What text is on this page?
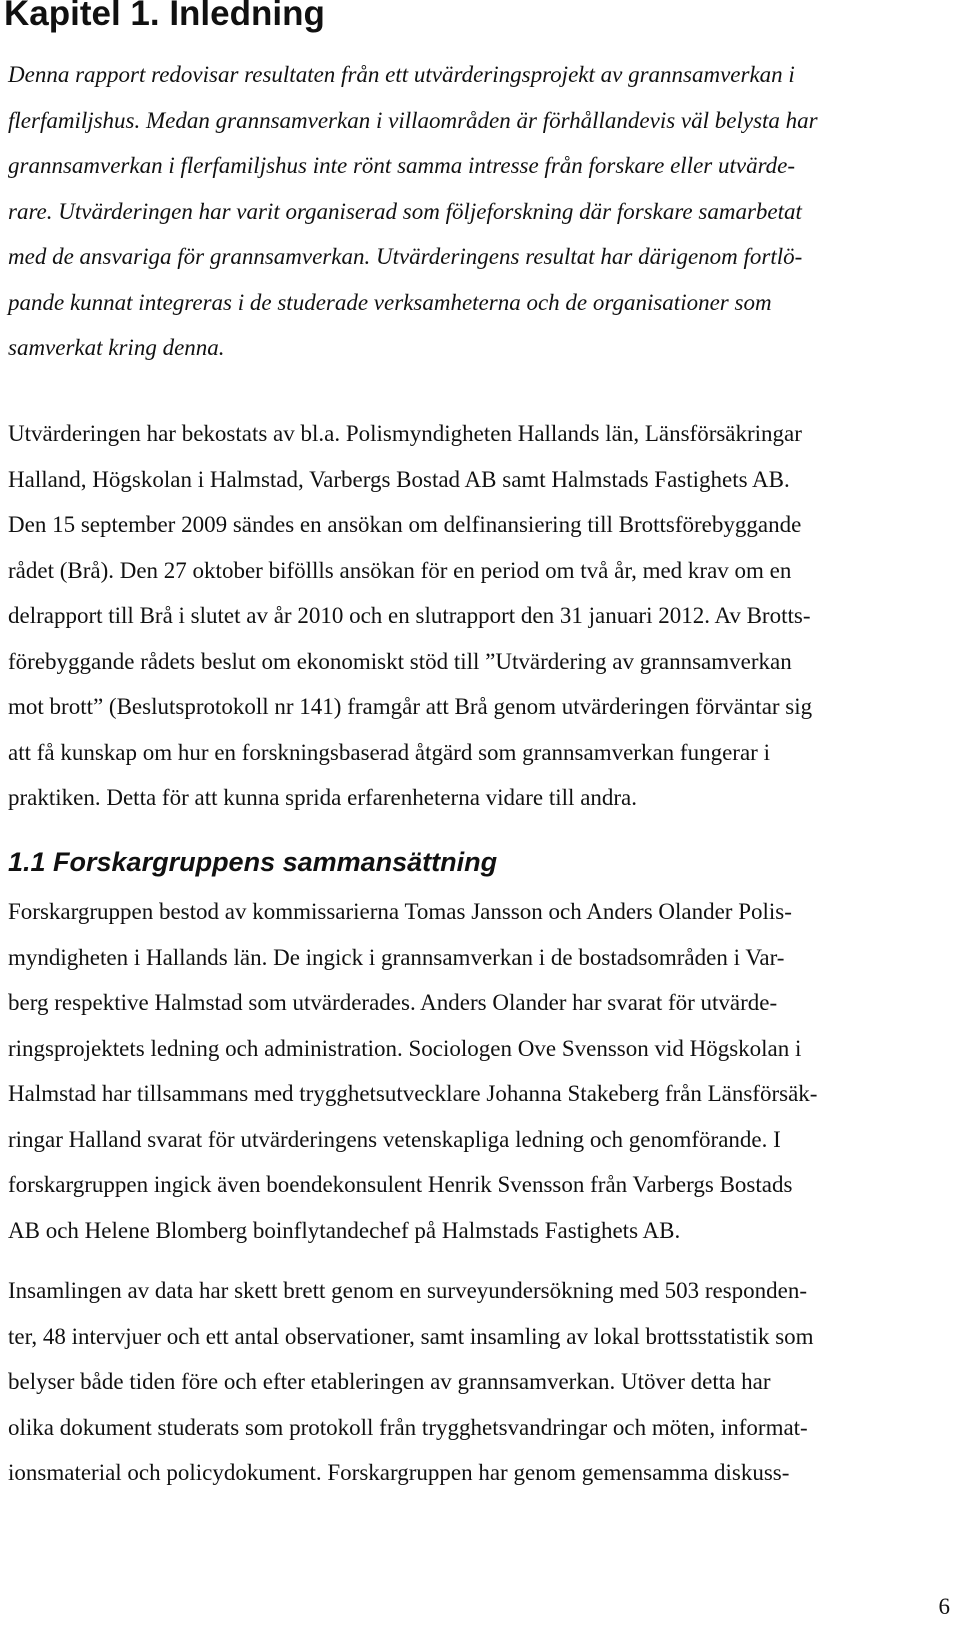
Kapitel 1. Inledning

Denna rapport redovisar resultaten från ett utvärderingsprojekt av grannsamverkan i
flerfamiljshus. Medan grannsamverkan i villaområden är förhållandevis väl belysta har
grannsamverkan i flerfamiljshus inte rönt samma intresse från forskare eller utvärde-
rare. Utvärderingen har varit organiserad som följeforskning där forskare samarbetat
med de ansvariga för grannsamverkan. Utvärderingens resultat har därigenom fortlö-
pande kunnat integreras i de studerade verksamheterna och de organisationer som
samverkat kring denna.

Utvärderingen har bekostats av bl.a. Polismyndigheten Hallands län, Länsförsäkringar
Halland, Högskolan i Halmstad, Varbergs Bostad AB samt Halmstads Fastighets AB.
Den 15 september 2009 sändes en ansökan om delfinansiering till Brottsförebyggande
rådet (Brå). Den 27 oktober biföllls ansökan för en period om två år, med krav om en
delrapport till Brå i slutet av år 2010 och en slutrapport den 31 januari 2012. Av Brotts-
förebyggande rådets beslut om ekonomiskt stöd till ”Utvärdering av grannsamverkan
mot brott” (Beslutsprotokoll nr 141) framgår att Brå genom utvärderingen förväntar sig
att få kunskap om hur en forskningsbaserad åtgärd som grannsamverkan fungerar i
praktiken. Detta för att kunna sprida erfarenheterna vidare till andra.

1.1 Forskargruppens sammansättning

Forskargruppen bestod av kommissarierna Tomas Jansson och Anders Olander Polis-
myndigheten i Hallands län. De ingick i grannsamverkan i de bostadsområden i Var-
berg respektive Halmstad som utvärderades. Anders Olander har svarat för utvärde-
ringsprojektets ledning och administration. Sociologen Ove Svensson vid Högskolan i
Halmstad har tillsammans med trygghetsutvecklare Johanna Stakeberg från Länsförsäk-
ringar Halland svarat för utvärderingens vetenskapliga ledning och genomförande. I
forskargruppen ingick även boendekonsulent Henrik Svensson från Varbergs Bostads
AB och Helene Blomberg boinflytandechef på Halmstads Fastighets AB.

Insamlingen av data har skett brett genom en surveyundersökning med 503 responden-
ter, 48 intervjuer och ett antal observationer, samt insamling av lokal brottsstatistik som
belyser både tiden före och efter etableringen av grannsamverkan. Utöver detta har
olika dokument studerats som protokoll från trygghetsvandringar och möten, informat-
ionsmaterial och policydokument. Forskargruppen har genom gemensamma diskuss-

6
